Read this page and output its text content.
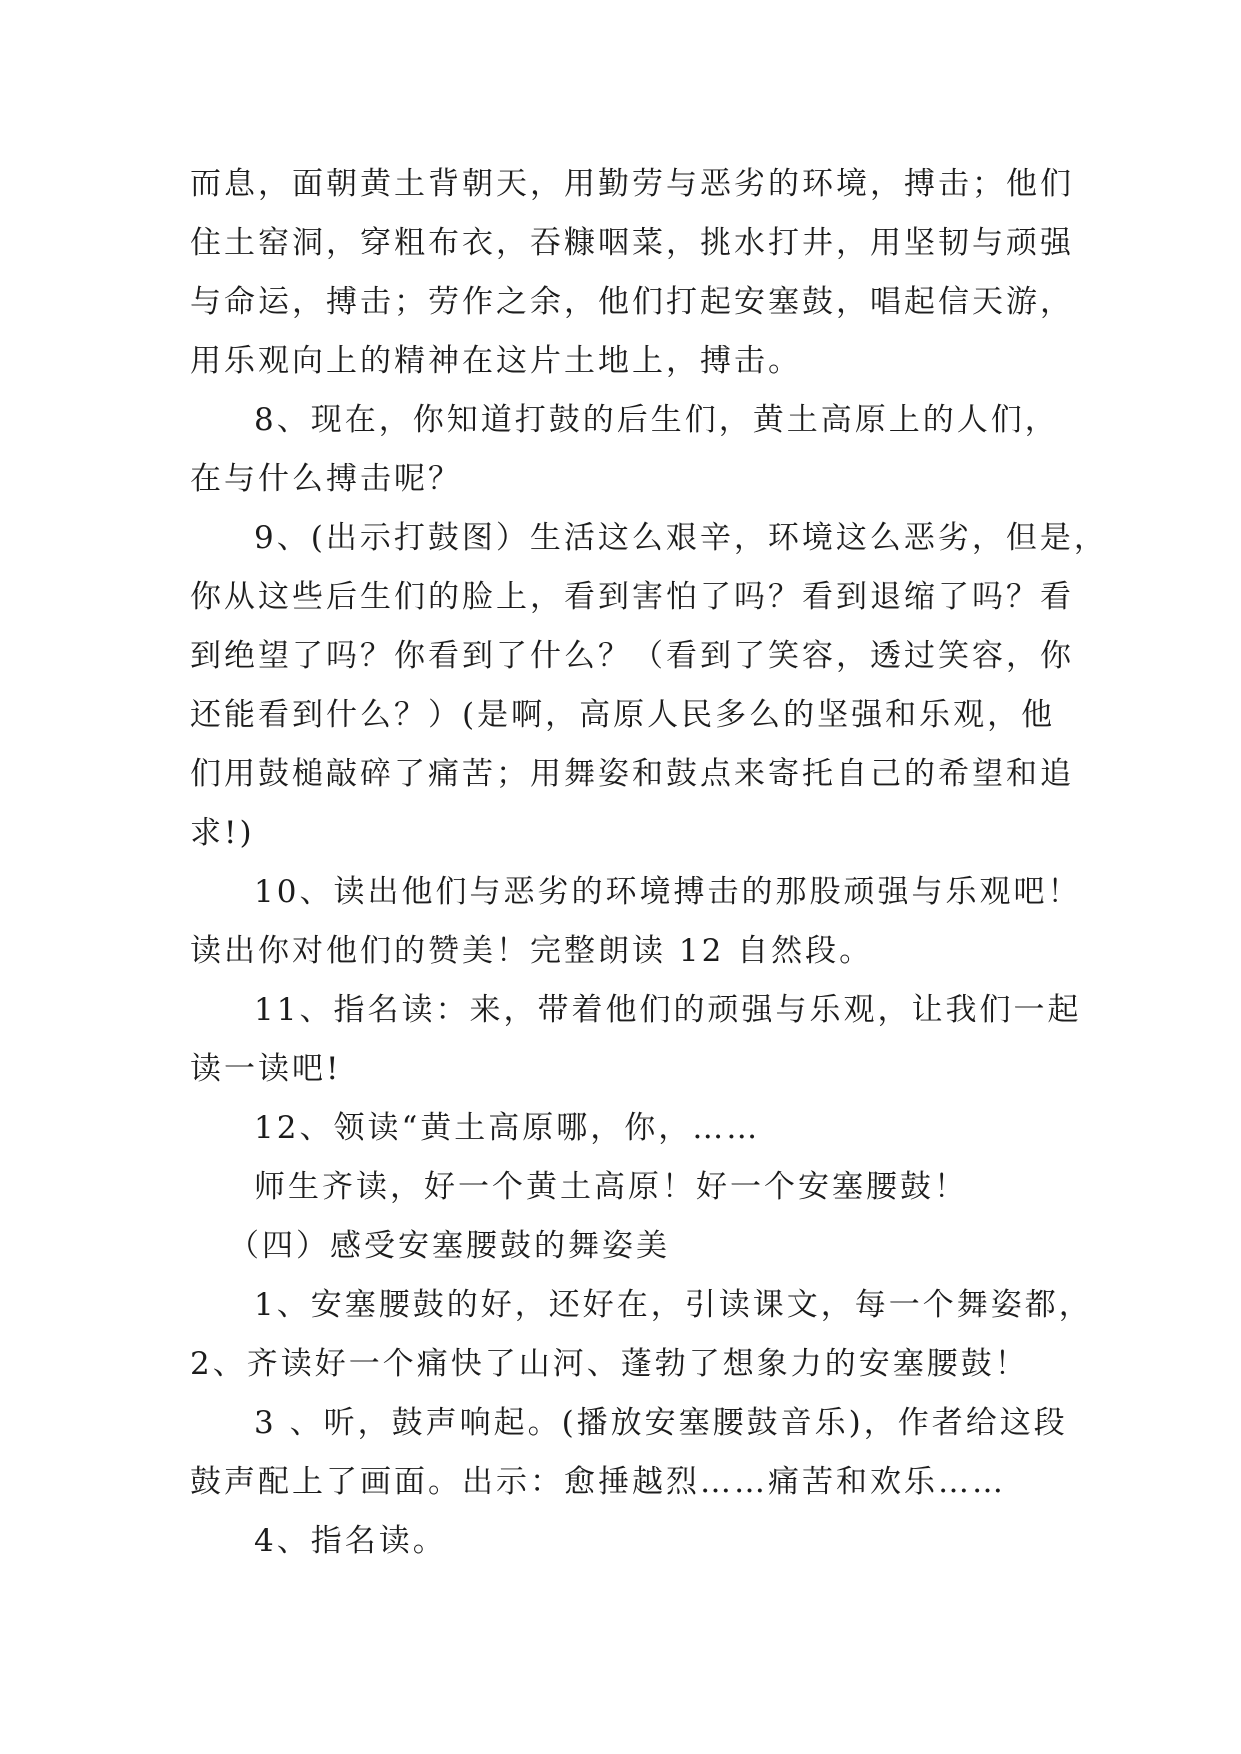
而息，面朝黄土背朝天，用勤劳与恶劣的环境，搏击；他们
住土窑洞，穿粗布衣，吞糠咽菜，挑水打井，用坚韧与顽强
与命运，搏击；劳作之余，他们打起安塞鼓，唱起信天游，
用乐观向上的精神在这片土地上，搏击。
8、现在，你知道打鼓的后生们，黄土高原上的人们，
在与什么搏击呢？
9、(出示打鼓图）生活这么艰辛，环境这么恶劣，但是，
你从这些后生们的脸上，看到害怕了吗？看到退缩了吗？看
到绝望了吗？你看到了什么？（看到了笑容，透过笑容，你
还能看到什么？）(是啊，高原人民多么的坚强和乐观，他
们用鼓槌敲碎了痛苦；用舞姿和鼓点来寄托自己的希望和追
求!)
10、读出他们与恶劣的环境搏击的那股顽强与乐观吧！
读出你对他们的赞美！完整朗读 12 自然段。
11、指名读：来，带着他们的顽强与乐观，让我们一起
读一读吧!
12、领读“黄土高原哪，你，……
师生齐读，好一个黄土高原！好一个安塞腰鼓！
（四）感受安塞腰鼓的舞姿美
1、安塞腰鼓的好，还好在，引读课文，每一个舞姿都，
2、齐读好一个痛快了山河、蓬勃了想象力的安塞腰鼓！
3 、听，鼓声响起。(播放安塞腰鼓音乐)，作者给这段
鼓声配上了画面。出示：愈捶越烈……痛苦和欢乐……
4、指名读。
